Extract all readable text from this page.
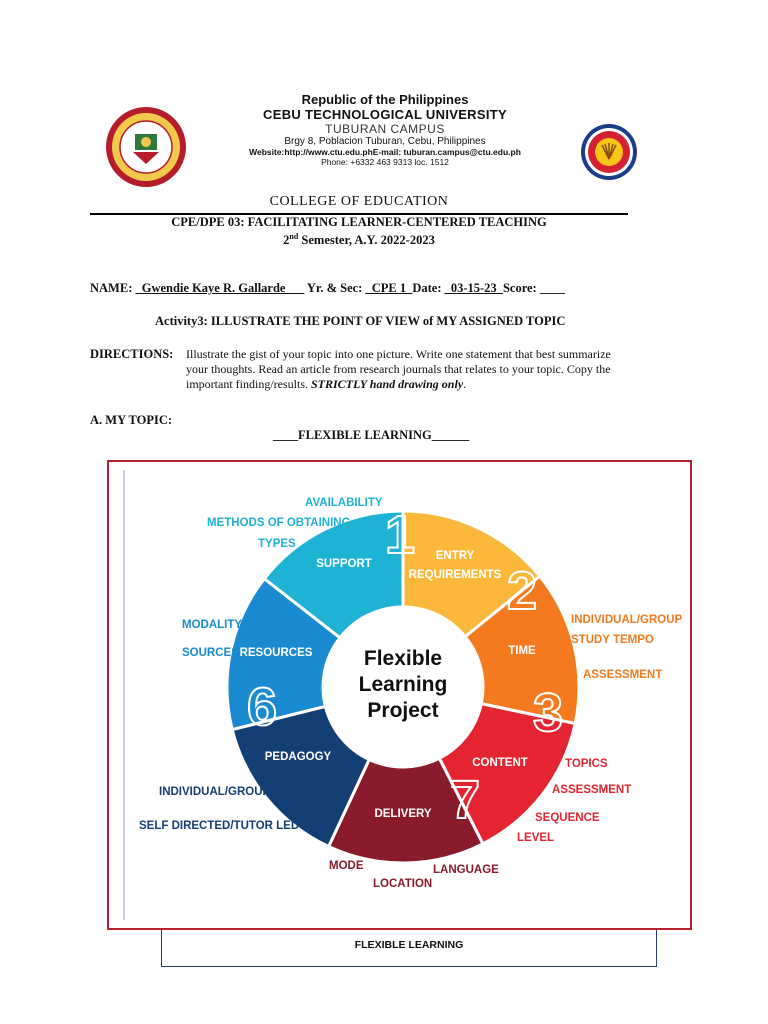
Republic of the Philippines
CEBU TECHNOLOGICAL UNIVERSITY
TUBURAN CAMPUS
Brgy 8, Poblacion Tuburan, Cebu, Philippines
Website:http://www.ctu.edu.phE-mail: tuburan.campus@ctu.edu.ph
Phone: +6332 463 9313 loc. 1512
COLLEGE OF EDUCATION
CPE/DPE 03: FACILITATING LEARNER-CENTERED TEACHING
2nd Semester, A.Y. 2022-2023
NAME: _Gwendie Kaye R. Gallarde___ Yr. & Sec: _CPE 1_Date: _03-15-23_Score: ____
Activity3: ILLUSTRATE THE POINT OF VIEW of MY ASSIGNED TOPIC
DIRECTIONS: Illustrate the gist of your topic into one picture. Write one statement that best summarize your thoughts. Read an article from research journals that relates to your topic. Copy the important finding/results. STRICTLY hand drawing only.
A. MY TOPIC:
____FLEXIBLE LEARNING______
Flexible
Learning
Project
ENTRY
REQUIREMENTS
TIME
CONTENT
DELIVERY
PEDAGOGY
RESOURCES
SUPPORT 1
2
3
7
6
AVAILABILITY
METHODS OF OBTAINING
TYPES
MODALITY
SOURCES
INDIVIDUAL/GROUP
SELF DIRECTED/TUTOR LED
MODE
LOCATION
LANGUAGE
INDIVIDUAL/GROUP
STUDY TEMPO
ASSESSMENT
TOPICS
ASSESSMENT
SEQUENCE
LEVEL
FLEXIBLE LEARNING
